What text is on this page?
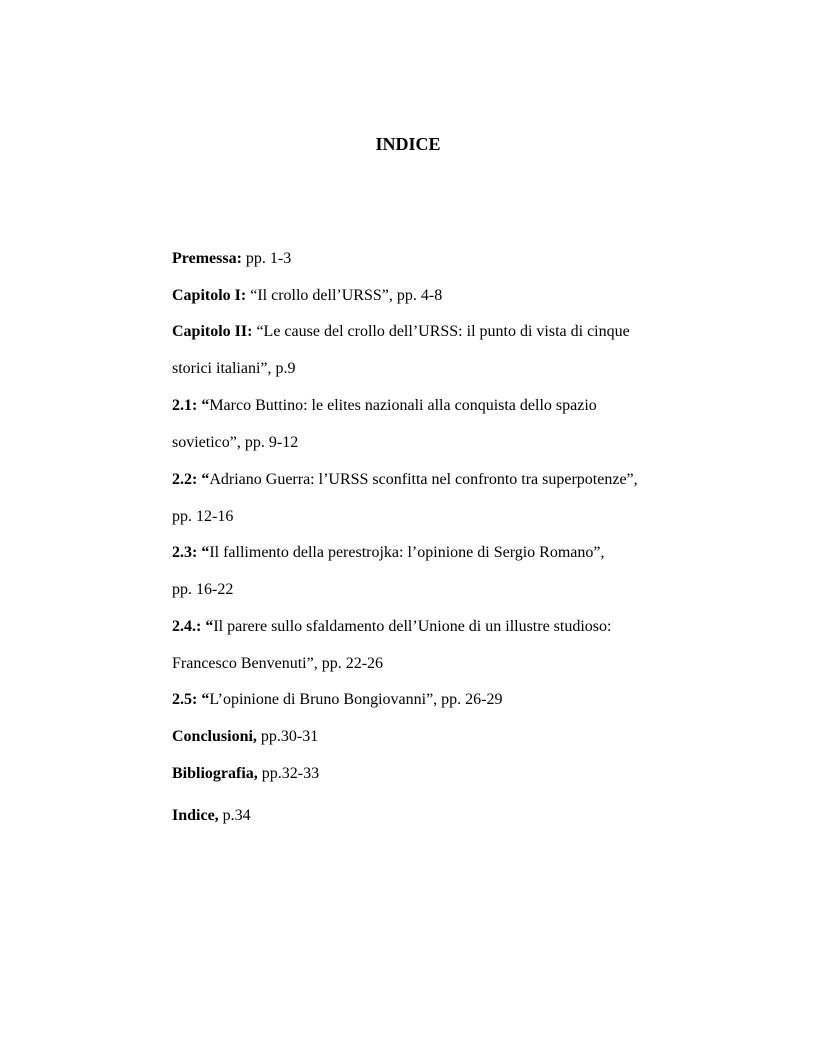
INDICE
Premessa: pp. 1-3
Capitolo I: “Il crollo dell’URSS”, pp. 4-8
Capitolo II: “Le cause del crollo dell’URSS: il punto di vista di cinque
storici italiani”, p.9
2.1: “Marco Buttino: le elites nazionali alla conquista dello spazio
sovietico”, pp. 9-12
2.2: “Adriano Guerra: l’URSS sconfitta nel confronto tra superpotenze”,
pp. 12-16
2.3: “Il fallimento della perestrojka: l’opinione di Sergio Romano”,
pp. 16-22
2.4.: “Il parere sullo sfaldamento dell’Unione di un illustre studioso:
Francesco Benvenuti”, pp. 22-26
2.5: “L’opinione di Bruno Bongiovanni”, pp. 26-29
Conclusioni, pp.30-31
Bibliografia, pp.32-33
Indice, p.34
